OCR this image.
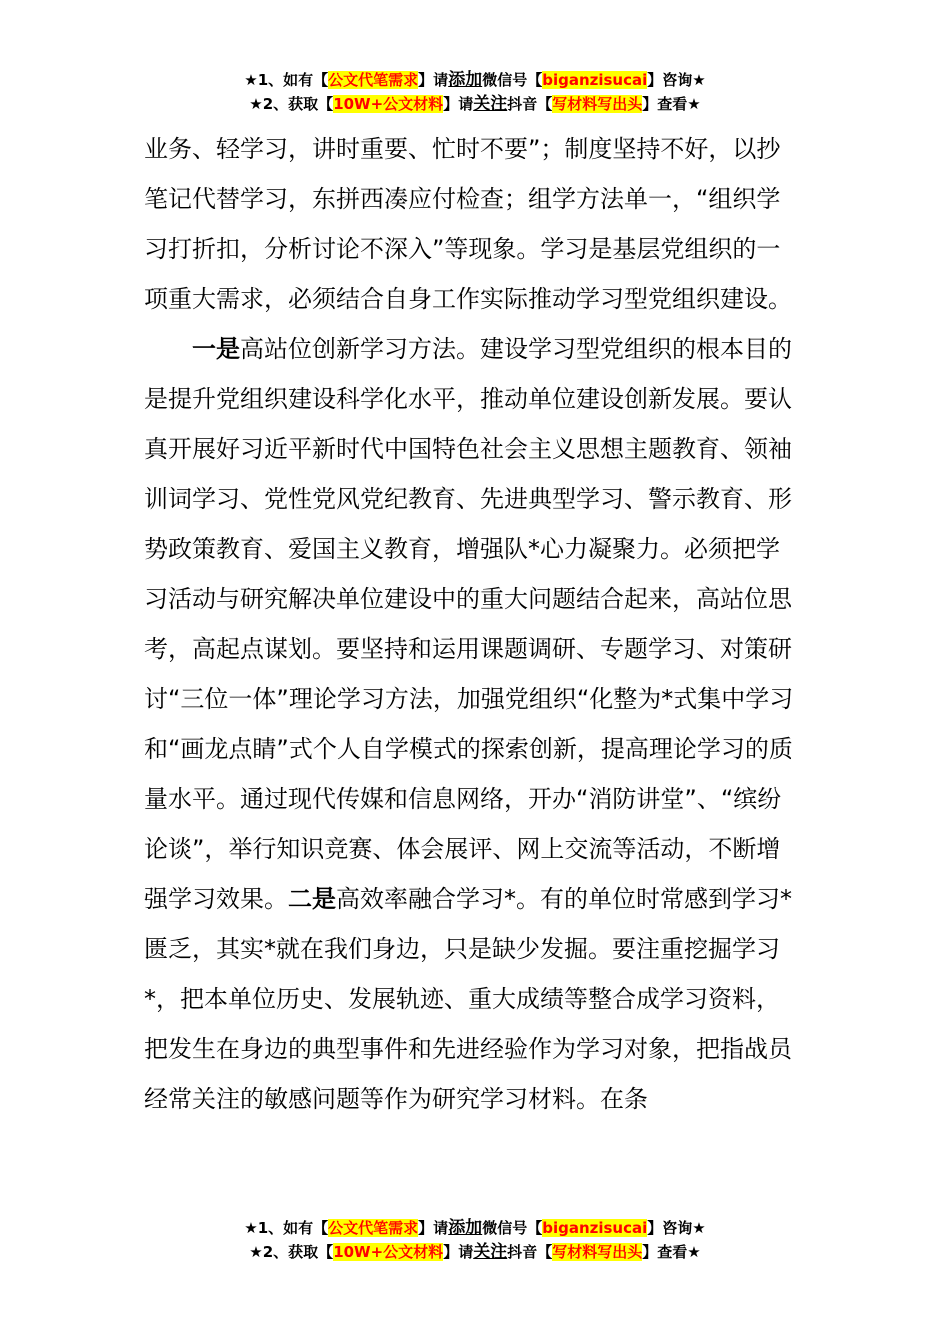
★1、如有【公文代笔需求】请添加微信号【biganzisucai】咨询★
★2、获取【10W+公文材料】请关注抖音【写材料写出头】查看★

业务、轻学习，讲时重要、忙时不要”；制度坚持不好，以抄笔记代替学习，东拼西凑应付检查；组学方法单一，“组织学习打折扣，分析讨论不深入”等现象。学习是基层党组织的一项重大需求，必须结合自身工作实际推动学习型党组织建设。

一是高站位创新学习方法。建设学习型党组织的根本目的是提升党组织建设科学化水平，推动单位建设创新发展。要认真开展好习近平新时代中国特色社会主义思想主题教育、领袖训词学习、党性党风党纪教育、先进典型学习、警示教育、形势政策教育、爱国主义教育，增强队*心力凝聚力。必须把学习活动与研究解决单位建设中的重大问题结合起来，高站位思考，高起点谋划。要坚持和运用课题调研、专题学习、对策研讨“三位一体”理论学习方法，加强党组织“化整为*式集中学习和“画龙点睛”式个人自学模式的探索创新，提高理论学习的质量水平。通过现代传媒和信息网络，开办“消防讲堂”、“缤纷论谈”，举行知识竞赛、体会展评、网上交流等活动，不断增强学习效果。二是高效率融合学习*。有的单位时常感到学习*匮乏，其实*就在我们身边，只是缺少发掘。要注重挖掘学习*，把本单位历史、发展轨迹、重大成绩等整合成学习资料，把发生在身边的典型事件和先进经验作为学习对象，把指战员经常关注的敏感问题等作为研究学习材料。在条

★1、如有【公文代笔需求】请添加微信号【biganzisucai】咨询★
★2、获取【10W+公文材料】请关注抖音【写材料写出头】查看★
